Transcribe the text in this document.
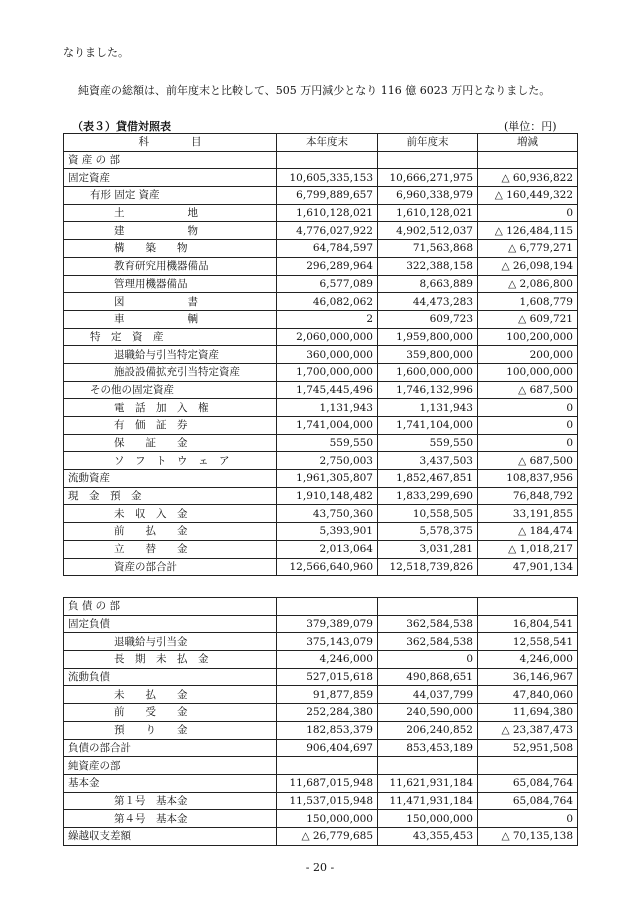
なりました。

純資産の総額は、前年度末と比較して、505 万円減少となり 116 億 6023 万円となりました。

（表３）貸借対照表	(単位：円)
科　　　　目	本年度末	前年度末	増減
資 産 の 部			
固定資産	10,605,335,153	10,666,271,975	△ 60,936,822
有形 固定 資産	6,799,889,657	6,960,338,979	△ 160,449,322
土　　　　　　地	1,610,128,021	1,610,128,021	0
建　　　　　　物	4,776,027,922	4,902,512,037	△ 126,484,115
構　　築　　物	64,784,597	71,563,868	△ 6,779,271
教育研究用機器備品	296,289,964	322,388,158	△ 26,098,194
管理用機器備品	6,577,089	8,663,889	△ 2,086,800
図　　　　　　書	46,082,062	44,473,283	1,608,779
車　　　　　　輌	2	609,723	△ 609,721
特　定　資　産	2,060,000,000	1,959,800,000	100,200,000
退職給与引当特定資産	360,000,000	359,800,000	200,000
施設設備拡充引当特定資産	1,700,000,000	1,600,000,000	100,000,000
その他の固定資産	1,745,445,496	1,746,132,996	△ 687,500
電　話　加　入　権	1,131,943	1,131,943	0
有　価　証　券	1,741,004,000	1,741,104,000	0
保　　証　　金	559,550	559,550	0
ソ　フ　ト　ウ　ェ　ア	2,750,003	3,437,503	△ 687,500
流動資産	1,961,305,807	1,852,467,851	108,837,956
現　金　預　金	1,910,148,482	1,833,299,690	76,848,792
未　収　入　金	43,750,360	10,558,505	33,191,855
前　　払　　金	5,393,901	5,578,375	△ 184,474
立　　替　　金	2,013,064	3,031,281	△ 1,018,217
資産の部合計	12,566,640,960	12,518,739,826	47,901,134
負 債 の 部			
固定負債	379,389,079	362,584,538	16,804,541
退職給与引当金	375,143,079	362,584,538	12,558,541
長　期　未　払　金	4,246,000	0	4,246,000
流動負債	527,015,618	490,868,651	36,146,967
未　　払　　金	91,877,859	44,037,799	47,840,060
前　　受　　金	252,284,380	240,590,000	11,694,380
預　　り　　金	182,853,379	206,240,852	△ 23,387,473
負債の部合計	906,404,697	853,453,189	52,951,508
純資産の部			
基本金	11,687,015,948	11,621,931,184	65,084,764
第１号　基本金	11,537,015,948	11,471,931,184	65,084,764
第４号　基本金	150,000,000	150,000,000	0
繰越収支差額	△ 26,779,685	43,355,453	△ 70,135,138
- 20 -
